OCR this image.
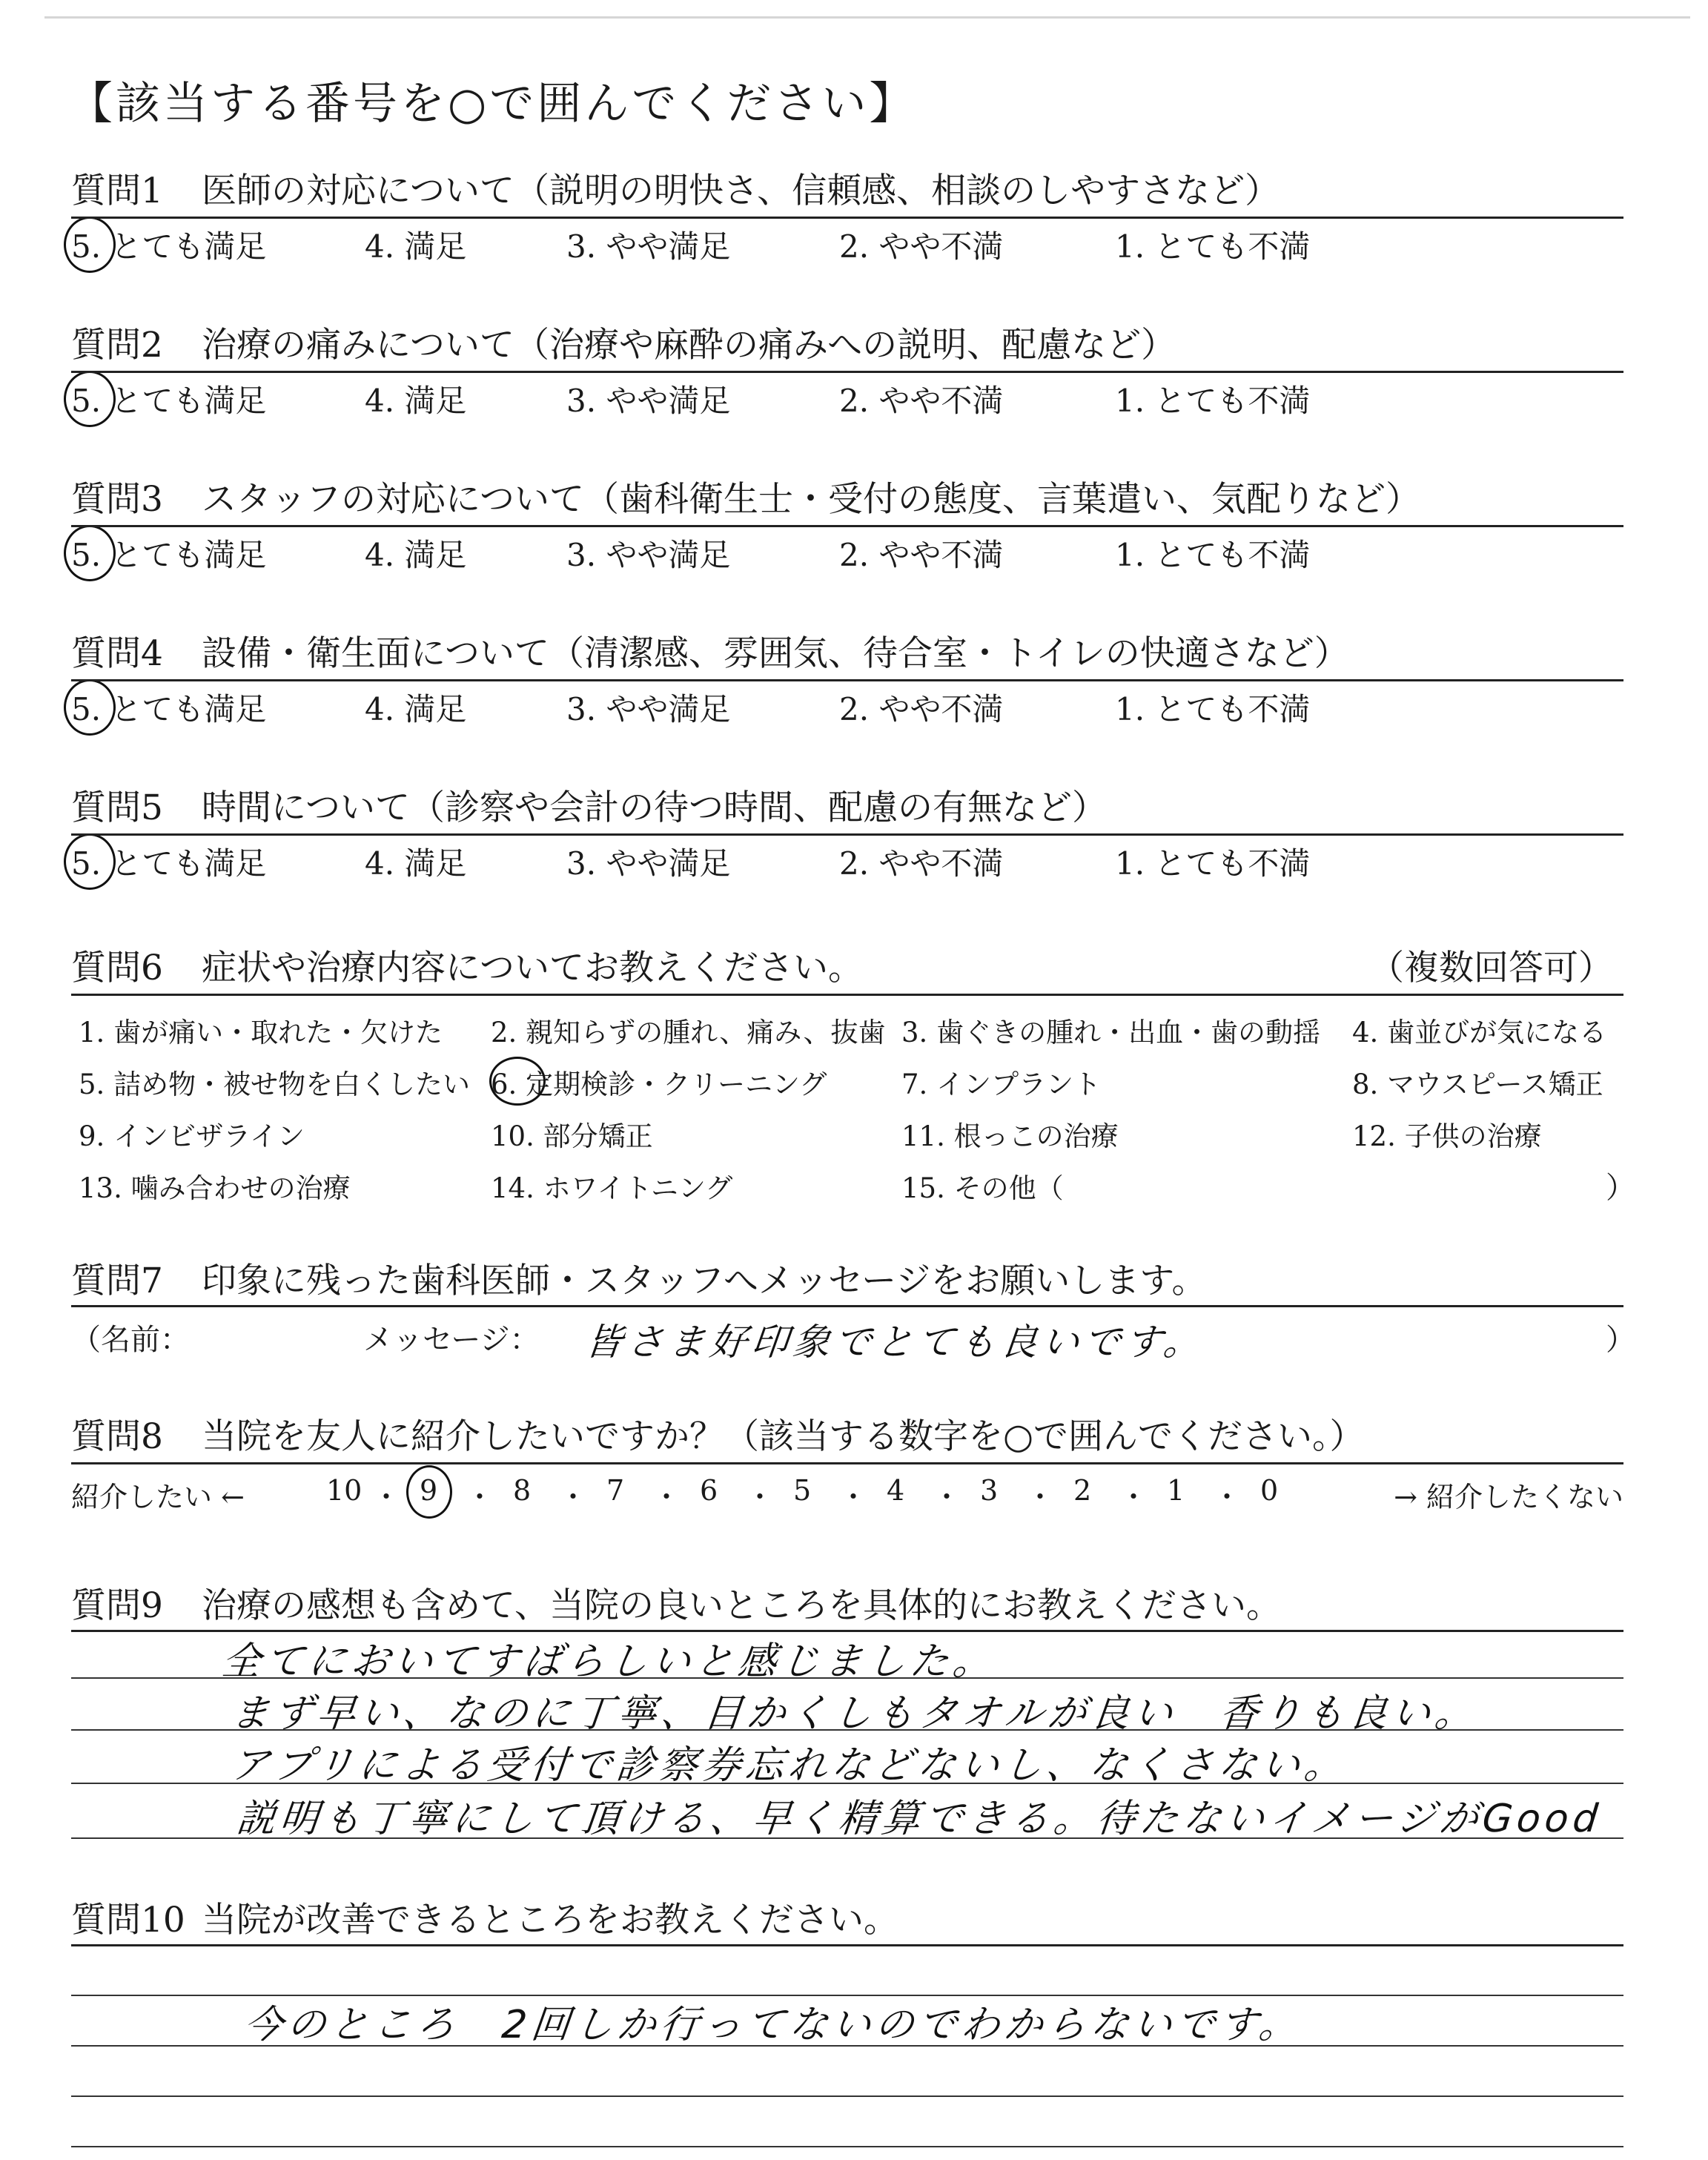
【該当する番号を○で囲んでください】
質問1 医師の対応について（説明の明快さ、信頼感、相談のしやすさなど）
5. とても満足	4. 満足	3. やや満足	2. やや不満	1. とても不満
質問2 治療の痛みについて（治療や麻酔の痛みへの説明、配慮など）
5. とても満足	4. 満足	3. やや満足	2. やや不満	1. とても不満
質問3 スタッフの対応について（歯科衛生士・受付の態度、言葉遣い、気配りなど）
5. とても満足	4. 満足	3. やや満足	2. やや不満	1. とても不満
質問4 設備・衛生面について（清潔感、雰囲気、待合室・トイレの快適さなど）
5. とても満足	4. 満足	3. やや満足	2. やや不満	1. とても不満
質問5 時間について（診察や会計の待つ時間、配慮の有無など）
5. とても満足	4. 満足	3. やや満足	2. やや不満	1. とても不満
質問6 症状や治療内容についてお教えください。	（複数回答可）
1. 歯が痛い・取れた・欠けた 2. 親知らずの腫れ、痛み、抜歯 3. 歯ぐきの腫れ・出血・歯の動揺 4. 歯並びが気になる
5. 詰め物・被せ物を白くしたい 6. 定期検診・クリーニング	7. インプラント	8. マウスピース矯正
9. インビザライン	10. 部分矯正	11. 根っこの治療	12. 子供の治療
13. 噛み合わせの治療	14. ホワイトニング	15. その他（	）
質問7 印象に残った歯科医師・スタッフへメッセージをお願いします。
（名前：	メッセージ： 皆さま好印象でとても良いです。	）
質問8 当院を友人に紹介したいですか？（該当する数字を○で囲んでください。）
紹介したい ←	→ 紹介したくない
10 ・ 9 ・ 8 ・ 7 ・ 6 ・ 5 ・ 4 ・ 3 ・ 2 ・ 1 ・ 0
質問9 治療の感想も含めて、当院の良いところを具体的にお教えください。
全てにおいてすばらしいと感じました。
まず早い、なのに丁寧、目かくしもタオルが良い　香りも良い。
アプリによる受付で診察券忘れなどないし、なくさない。
説明も丁寧にして頂ける、早く精算できる。待たないイメージがGood
質問10 当院が改善できるところをお教えください。
今のところ　2回しか行ってないのでわからないです。
